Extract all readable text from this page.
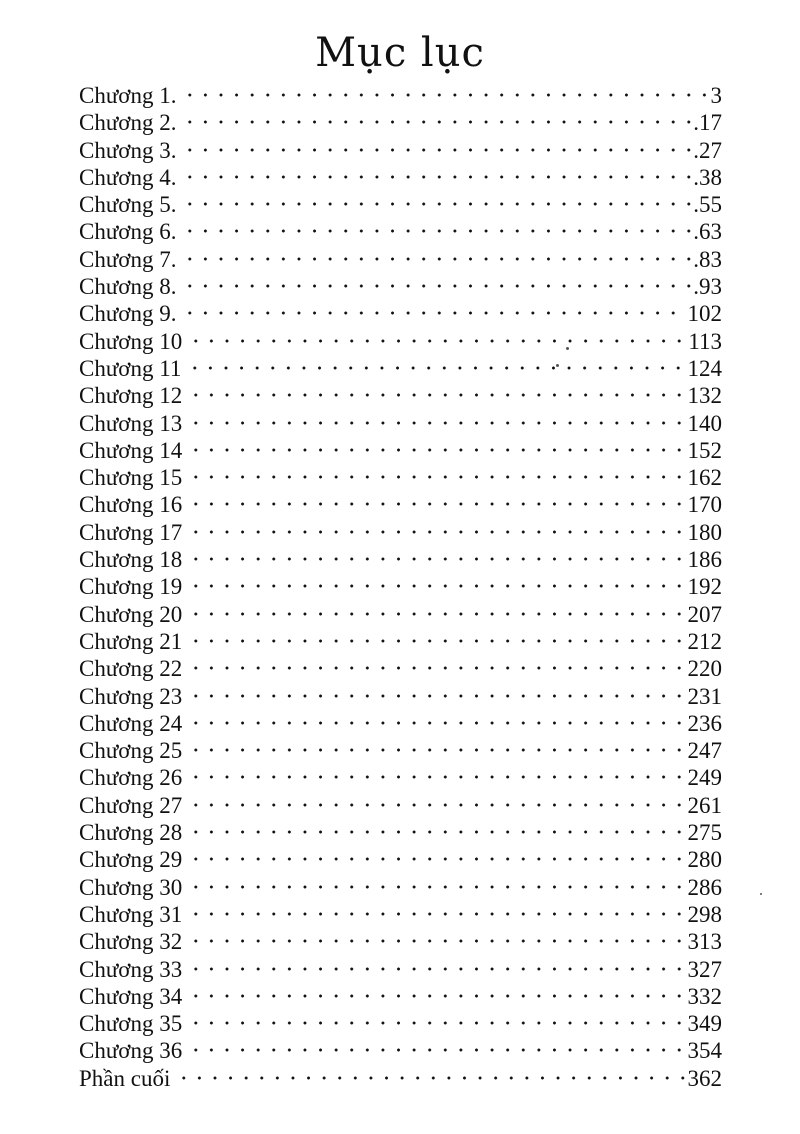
Mục lục
Chương 1.	3
Chương 2.	.17
Chương 3.	.27
Chương 4.	.38
Chương 5.	.55
Chương 6.	.63
Chương 7.	.83
Chương 8.	.93
Chương 9.	102
Chương 10	113
Chương 11	124
Chương 12	132
Chương 13	140
Chương 14	152
Chương 15	162
Chương 16	170
Chương 17	180
Chương 18	186
Chương 19	192
Chương 20	207
Chương 21	212
Chương 22	220
Chương 23	231
Chương 24	236
Chương 25	247
Chương 26	249
Chương 27	261
Chương 28	275
Chương 29	280
Chương 30	286
Chương 31	298
Chương 32	313
Chương 33	327
Chương 34	332
Chương 35	349
Chương 36	354
Phần cuối	362
